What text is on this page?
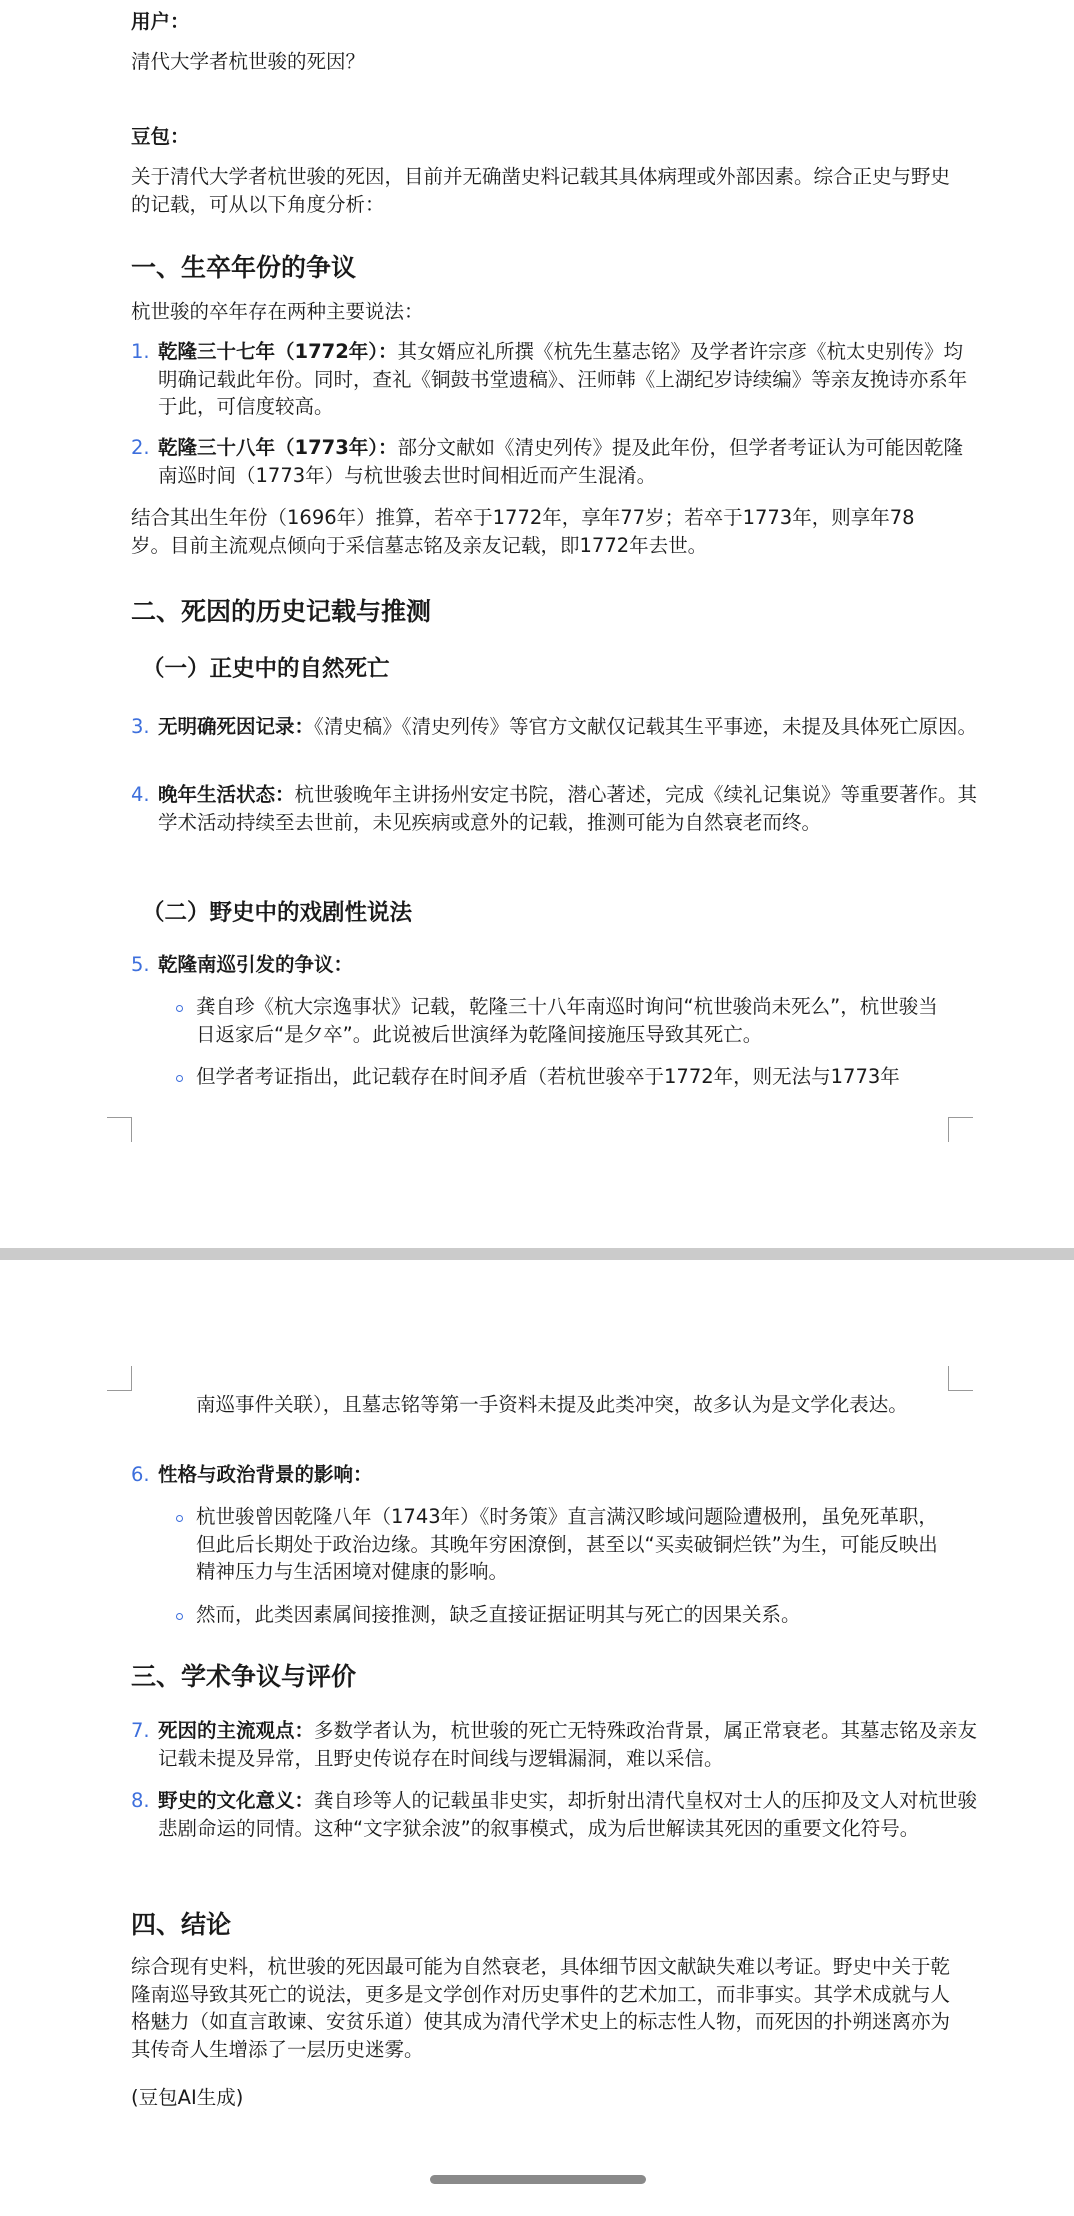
用户：
清代大学者杭世骏的死因？
豆包：
关于清代大学者杭世骏的死因，目前并无确凿史料记载其具体病理或外部因素。综合正史与野史的记载，可从以下角度分析：
一、生卒年份的争议
杭世骏的卒年存在两种主要说法：
1. 乾隆三十七年（1772年）：其女婿应礼所撰《杭先生墓志铭》及学者许宗彦《杭太史别传》均明确记载此年份。同时，查礼《铜鼓书堂遗稿》、汪师韩《上湖纪岁诗续编》等亲友挽诗亦系年于此，可信度较高。
2. 乾隆三十八年（1773年）：部分文献如《清史列传》提及此年份，但学者考证认为可能因乾隆南巡时间（1773年）与杭世骏去世时间相近而产生混淆。
结合其出生年份（1696年）推算，若卒于1772年，享年77岁；若卒于1773年，则享年78岁。目前主流观点倾向于采信墓志铭及亲友记载，即1772年去世。
二、死因的历史记载与推测
（一）正史中的自然死亡
3. 无明确死因记录：《清史稿》《清史列传》等官方文献仅记载其生平事迹，未提及具体死亡原因。
4. 晚年生活状态：杭世骏晚年主讲扬州安定书院，潜心著述，完成《续礼记集说》等重要著作。其学术活动持续至去世前，未见疾病或意外的记载，推测可能为自然衰老而终。
（二）野史中的戏剧性说法
5. 乾隆南巡引发的争议：
龚自珍《杭大宗逸事状》记载，乾隆三十八年南巡时询问“杭世骏尚未死么”，杭世骏当日返家后“是夕卒”。此说被后世演绎为乾隆间接施压导致其死亡。
但学者考证指出，此记载存在时间矛盾（若杭世骏卒于1772年，则无法与1773年
南巡事件关联），且墓志铭等第一手资料未提及此类冲突，故多认为是文学化表达。
6. 性格与政治背景的影响：
杭世骏曾因乾隆八年（1743年）《时务策》直言满汉畛域问题险遭极刑，虽免死革职，但此后长期处于政治边缘。其晚年穷困潦倒，甚至以“买卖破铜烂铁”为生，可能反映出精神压力与生活困境对健康的影响。
然而，此类因素属间接推测，缺乏直接证据证明其与死亡的因果关系。
三、学术争议与评价
7. 死因的主流观点：多数学者认为，杭世骏的死亡无特殊政治背景，属正常衰老。其墓志铭及亲友记载未提及异常，且野史传说存在时间线与逻辑漏洞，难以采信。
8. 野史的文化意义：龚自珍等人的记载虽非史实，却折射出清代皇权对士人的压抑及文人对杭世骏悲剧命运的同情。这种“文字狱余波”的叙事模式，成为后世解读其死因的重要文化符号。
四、结论
综合现有史料，杭世骏的死因最可能为自然衰老，具体细节因文献缺失难以考证。野史中关于乾隆南巡导致其死亡的说法，更多是文学创作对历史事件的艺术加工，而非事实。其学术成就与人格魅力（如直言敢谏、安贫乐道）使其成为清代学术史上的标志性人物，而死因的扑朔迷离亦为其传奇人生增添了一层历史迷雾。
(豆包AI生成)
